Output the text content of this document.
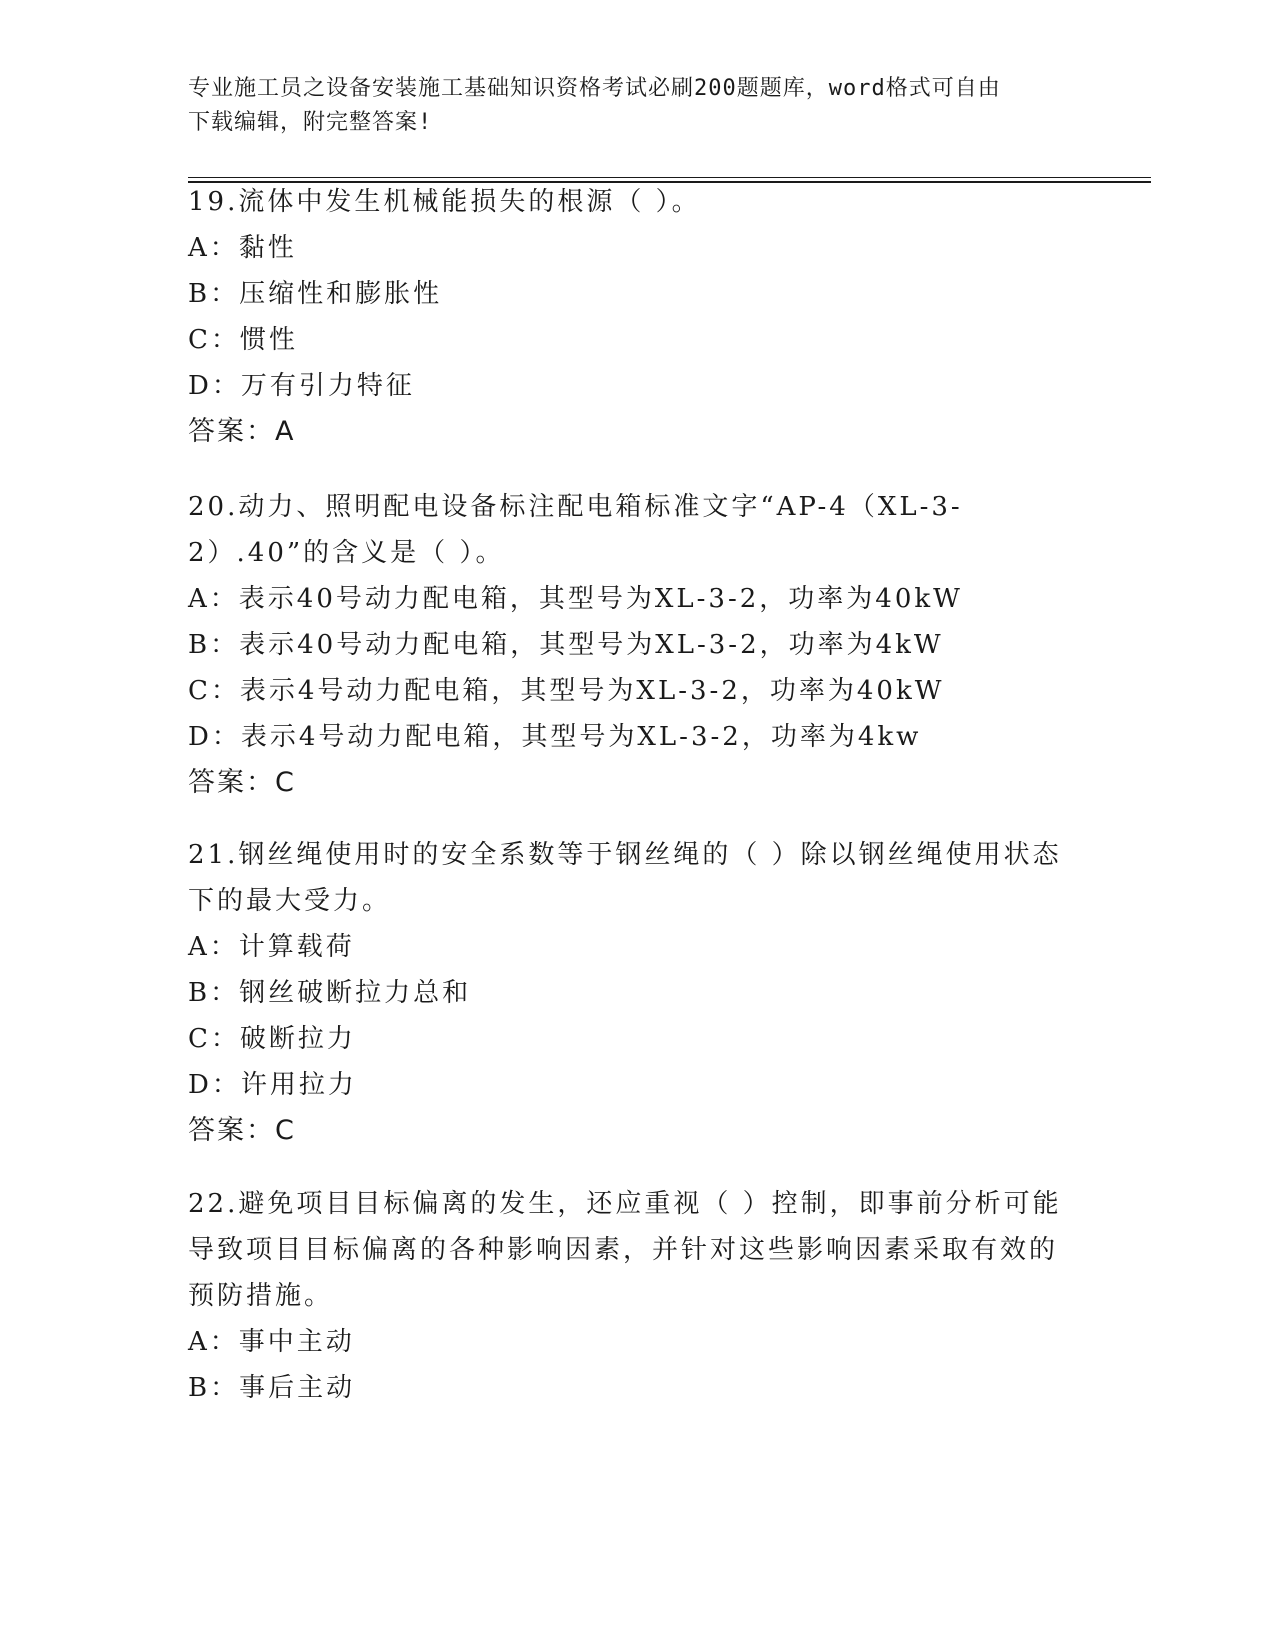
专业施工员之设备安装施工基础知识资格考试必刷200题题库，word格式可自由
下载编辑，附完整答案!

19.流体中发生机械能损失的根源（ ）。

A：黏性

B：压缩性和膨胀性

C：惯性

D：万有引力特征

答案：A

20.动力、照明配电设备标注配电箱标准文字“AP-4（XL-3-2）.40”的含义是（ ）。

A：表示40号动力配电箱，其型号为XL-3-2，功率为40kW

B：表示40号动力配电箱，其型号为XL-3-2，功率为4kW

C：表示4号动力配电箱，其型号为XL-3-2，功率为40kW

D：表示4号动力配电箱，其型号为XL-3-2，功率为4kw

答案：C

21.钢丝绳使用时的安全系数等于钢丝绳的（ ）除以钢丝绳使用状态下的最大受力。

A：计算载荷

B：钢丝破断拉力总和

C：破断拉力

D：许用拉力

答案：C

22.避免项目目标偏离的发生，还应重视（ ）控制，即事前分析可能导致项目目标偏离的各种影响因素，并针对这些影响因素采取有效的预防措施。

A：事中主动

B：事后主动
